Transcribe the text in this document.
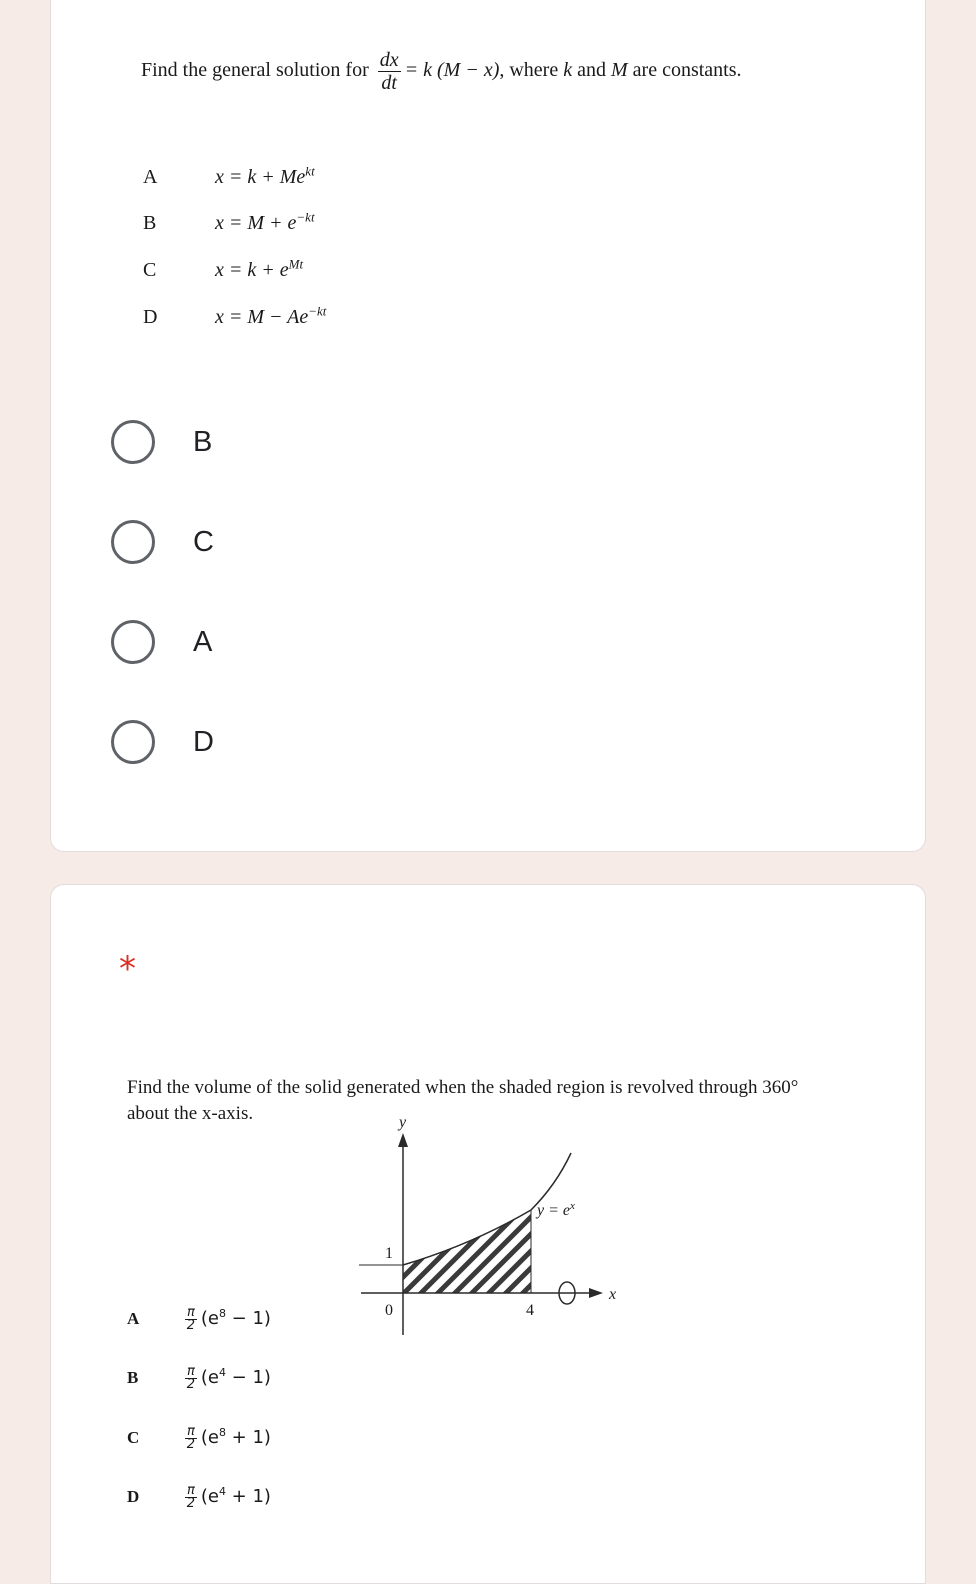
Find the general solution for $\frac{dx}{dt} = k$ (M − x), where k and M are constants.
A	$x = k + Me^{kt}$
B	$x = M + e^{-kt}$
C	$x = k + e^{Mt}$
D	$x = M - Ae^{-kt}$
B
C
A
D
*
Find the volume of the solid generated when the shaded region is revolved through 360°
about the x-axis.	y
x
$y = e^x$
1
0	4
A	$\frac{\pi}{2} (e^8 - 1)$
B	$\frac{\pi}{2} (e^4 - 1)$
C	$\frac{\pi}{2} (e^8 + 1)$
D	$\frac{\pi}{2} (e^4 + 1)$
